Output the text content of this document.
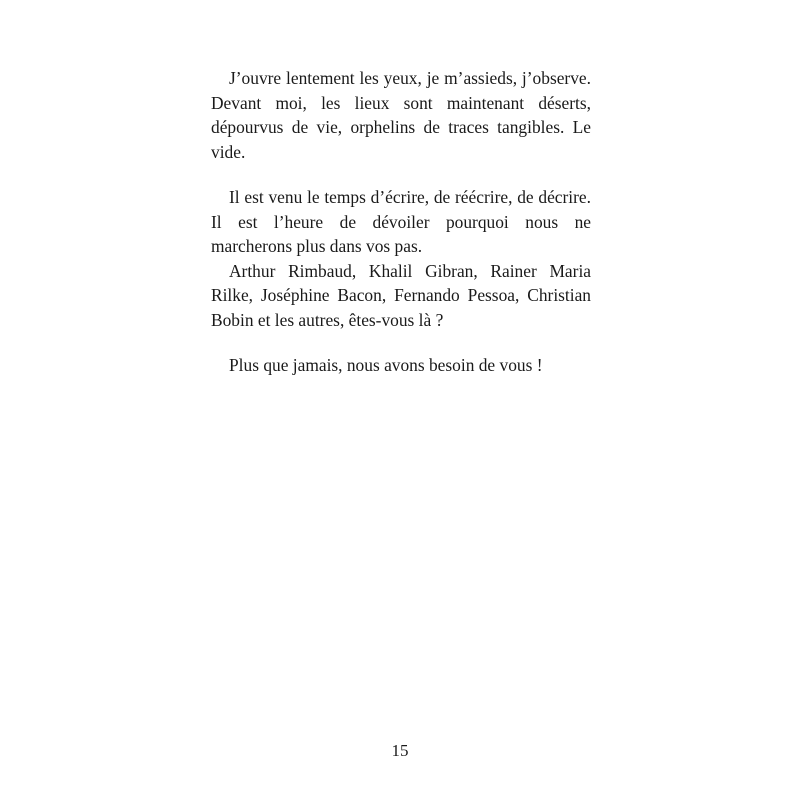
J’ouvre lentement les yeux, je m’assieds, j’observe. Devant moi, les lieux sont maintenant déserts, dépourvus de vie, orphelins de traces tangibles. Le vide.

Il est venu le temps d’écrire, de réécrire, de décrire. Il est l’heure de dévoiler pourquoi nous ne marcherons plus dans vos pas.

Arthur Rimbaud, Khalil Gibran, Rainer Maria Rilke, Joséphine Bacon, Fernando Pessoa, Christian Bobin et les autres, êtes-vous là ?

Plus que jamais, nous avons besoin de vous !

15
